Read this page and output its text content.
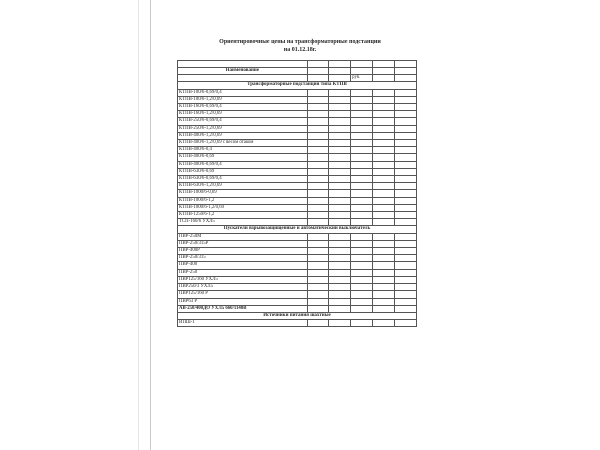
Ориентировочные цены на трансформаторные подстанции
на 01.12.18г.

Наименование					
			руб.		
Трансформаторные подстанции типа КТПВ					
КТПВ-100/6-0,69/0,4					
КТПВ-100/6-1,2/0,69					
КТПВ-160/6-0,69/0,4					
КТПВ-160/6-1,2/0,69					
КТПВ-250/6-0,69/0,4					
КТПВ-250/6-1,2/0,69					
КТПВ-400/6-1,2/0,69					
КТПВ-400/6-1,2/0,69 с весом отаком					
КТПВ-400/6-0,4					
КТПВ-400/6-0,69					
КТПВ-400/6-0,69/0,4					
КТПВ-630/6-0,69					
КТПВ-630/6-0,69/0,4					
КТПВ-630/6-1,2/0,69					
КТПВ-1000/6-0,69					
КТПВ-1000/6-1,2					
КТПВ-1000/6-1,2/0,69					
КТПВ-1250/6-1,2					
ТСП-160/6 УХЛ5					
Пускатели взрывозащищенные и автоматический выключатель					
ПВР-250М					
ПВР-250/315Р					
ПВР-400Р					
ПВР-250/315					
ПВР-400					
ПВР-250					
ПВР125/160 УХЛ5					
ПВР250/3 УХЛ5					
ПВР125/160 Р					
ПВР63 Р					
АВ-250/400ДО УХЛ5 660/1140В					
Источники питания шахтные					
ИПШ-1					
